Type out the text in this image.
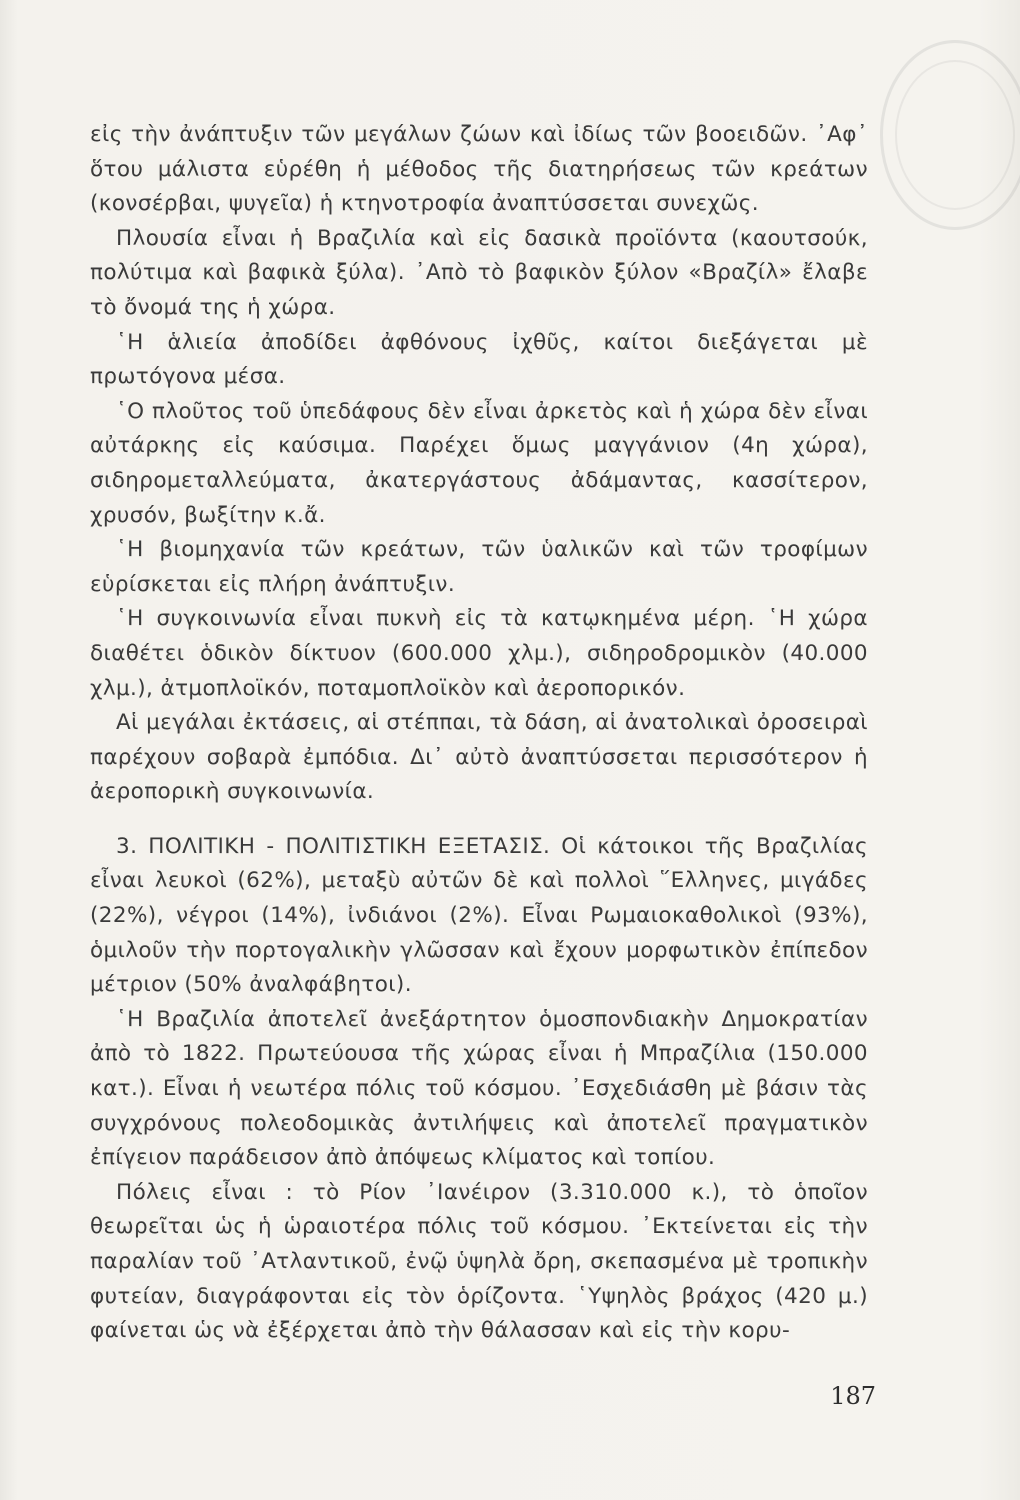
εἰς τὴν ἀνάπτυξιν τῶν μεγάλων ζώων καὶ ἰδίως τῶν βοοειδῶν. ᾿Αφ᾿ ὅτου μάλιστα εὑρέθη ἡ μέθοδος τῆς διατηρήσεως τῶν κρεάτων (κονσέρβαι, ψυγεῖα) ἡ κτηνοτροφία ἀναπτύσσεται συνεχῶς.

Πλουσία εἶναι ἡ Βραζιλία καὶ εἰς δασικὰ προϊόντα (καουτσούκ, πολύτιμα καὶ βαφικὰ ξύλα). ᾿Απὸ τὸ βαφικὸν ξύλον «Βραζίλ» ἔλαβε τὸ ὄνομά της ἡ χώρα.

῾Η ἁλιεία ἀποδίδει ἀφθόνους ἰχθῦς, καίτοι διεξάγεται μὲ πρωτόγονα μέσα.

῾Ο πλοῦτος τοῦ ὑπεδάφους δὲν εἶναι ἀρκετὸς καὶ ἡ χώρα δὲν εἶναι αὐτάρκης εἰς καύσιμα. Παρέχει ὅμως μαγγάνιον (4η χώρα), σιδηρομεταλλεύματα, ἀκατεργάστους ἀδάμαντας, κασσίτερον, χρυσόν, βωξίτην κ.ἄ.

῾Η βιομηχανία τῶν κρεάτων, τῶν ὑαλικῶν καὶ τῶν τροφίμων εὑρίσκεται εἰς πλήρη ἀνάπτυξιν.

῾Η συγκοινωνία εἶναι πυκνὴ εἰς τὰ κατῳκημένα μέρη. ῾Η χώρα διαθέτει ὁδικὸν δίκτυον (600.000 χλμ.), σιδηροδρομικὸν (40.000 χλμ.), ἀτμοπλοϊκόν, ποταμοπλοϊκὸν καὶ ἀεροπορικόν.

Αἱ μεγάλαι ἐκτάσεις, αἱ στέππαι, τὰ δάση, αἱ ἀνατολικαὶ ὀροσειραὶ παρέχουν σοβαρὰ ἐμπόδια. Δι᾿ αὐτὸ ἀναπτύσσεται περισσότερον ἡ ἀεροπορικὴ συγκοινωνία.

3. ΠΟΛΙΤΙΚΗ - ΠΟΛΙΤΙΣΤΙΚΗ ΕΞΕΤΑΣΙΣ. Οἱ κάτοικοι τῆς Βραζιλίας εἶναι λευκοὶ (62%), μεταξὺ αὐτῶν δὲ καὶ πολλοὶ ῞Ελληνες, μιγάδες (22%), νέγροι (14%), ἰνδιάνοι (2%). Εἶναι Ρωμαιοκαθολικοὶ (93%), ὁμιλοῦν τὴν πορτογαλικὴν γλῶσσαν καὶ ἔχουν μορφωτικὸν ἐπίπεδον μέτριον (50% ἀναλφάβητοι).

῾Η Βραζιλία ἀποτελεῖ ἀνεξάρτητον ὁμοσπονδιακὴν Δημοκρατίαν ἀπὸ τὸ 1822. Πρωτεύουσα τῆς χώρας εἶναι ἡ Μπραζίλια (150.000 κατ.). Εἶναι ἡ νεωτέρα πόλις τοῦ κόσμου. ᾿Εσχεδιάσθη μὲ βάσιν τὰς συγχρόνους πολεοδομικὰς ἀντιλήψεις καὶ ἀποτελεῖ πραγματικὸν ἐπίγειον παράδεισον ἀπὸ ἀπόψεως κλίματος καὶ τοπίου.

Πόλεις εἶναι : τὸ Ρίον ᾿Ιανέιρον (3.310.000 κ.), τὸ ὁποῖον θεωρεῖται ὡς ἡ ὡραιοτέρα πόλις τοῦ κόσμου. ᾿Εκτείνεται εἰς τὴν παραλίαν τοῦ ᾿Ατλαντικοῦ, ἐνῷ ὑψηλὰ ὄρη, σκεπασμένα μὲ τροπικὴν φυτείαν, διαγράφονται εἰς τὸν ὁρίζοντα. ῾Υψηλὸς βράχος (420 μ.) φαίνεται ὡς νὰ ἐξέρχεται ἀπὸ τὴν θάλασσαν καὶ εἰς τὴν κορυ-

187
